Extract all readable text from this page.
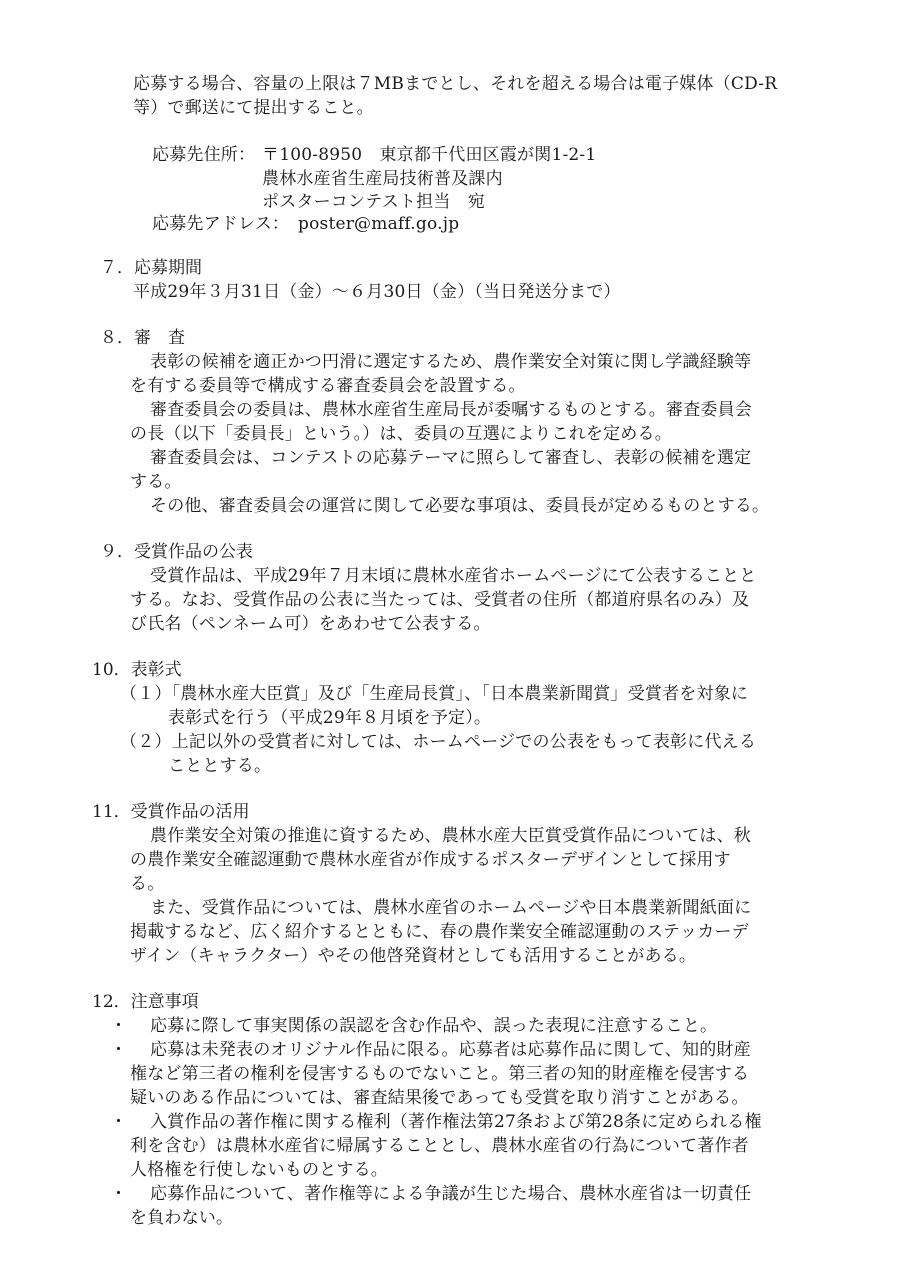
応募する場合、容量の上限は７MBまでとし、それを超える場合は電子媒体（CD-R
等）で郵送にて提出すること。
応募先住所： 〒100-8950　東京都千代田区霞が関1-2-1
農林水産省生産局技術普及課内
ポスターコンテスト担当　宛
応募先アドレス： poster@maff.go.jp
７．応募期間
平成29年３月31日（金）～６月30日（金）（当日発送分まで）
８．審　査
表彰の候補を適正かつ円滑に選定するため、農作業安全対策に関し学識経験等
を有する委員等で構成する審査委員会を設置する。
審査委員会の委員は、農林水産省生産局長が委嘱するものとする。審査委員会
の長（以下「委員長」という。）は、委員の互選によりこれを定める。
審査委員会は、コンテストの応募テーマに照らして審査し、表彰の候補を選定
する。
その他、審査委員会の運営に関して必要な事項は、委員長が定めるものとする。
９．受賞作品の公表
受賞作品は、平成29年７月末頃に農林水産省ホームページにて公表することと
する。なお、受賞作品の公表に当たっては、受賞者の住所（都道府県名のみ）及
び氏名（ペンネーム可）をあわせて公表する。
10．表彰式
（１）「農林水産大臣賞」及び「生産局長賞」、「日本農業新聞賞」受賞者を対象に
表彰式を行う（平成29年８月頃を予定）。
（２）上記以外の受賞者に対しては、ホームページでの公表をもって表彰に代える
こととする。
11．受賞作品の活用
農作業安全対策の推進に資するため、農林水産大臣賞受賞作品については、秋
の農作業安全確認運動で農林水産省が作成するポスターデザインとして採用す
る。
また、受賞作品については、農林水産省のホームページや日本農業新聞紙面に
掲載するなど、広く紹介するとともに、春の農作業安全確認運動のステッカーデ
ザイン（キャラクター）やその他啓発資材としても活用することがある。
12．注意事項
・ 応募に際して事実関係の誤認を含む作品や、誤った表現に注意すること。
・ 応募は未発表のオリジナル作品に限る。応募者は応募作品に関して、知的財産
権など第三者の権利を侵害するものでないこと。第三者の知的財産権を侵害する
疑いのある作品については、審査結果後であっても受賞を取り消すことがある。
・ 入賞作品の著作権に関する権利（著作権法第27条および第28条に定められる権
利を含む）は農林水産省に帰属することとし、農林水産省の行為について著作者
人格権を行使しないものとする。
・ 応募作品について、著作権等による争議が生じた場合、農林水産省は一切責任
を負わない。
